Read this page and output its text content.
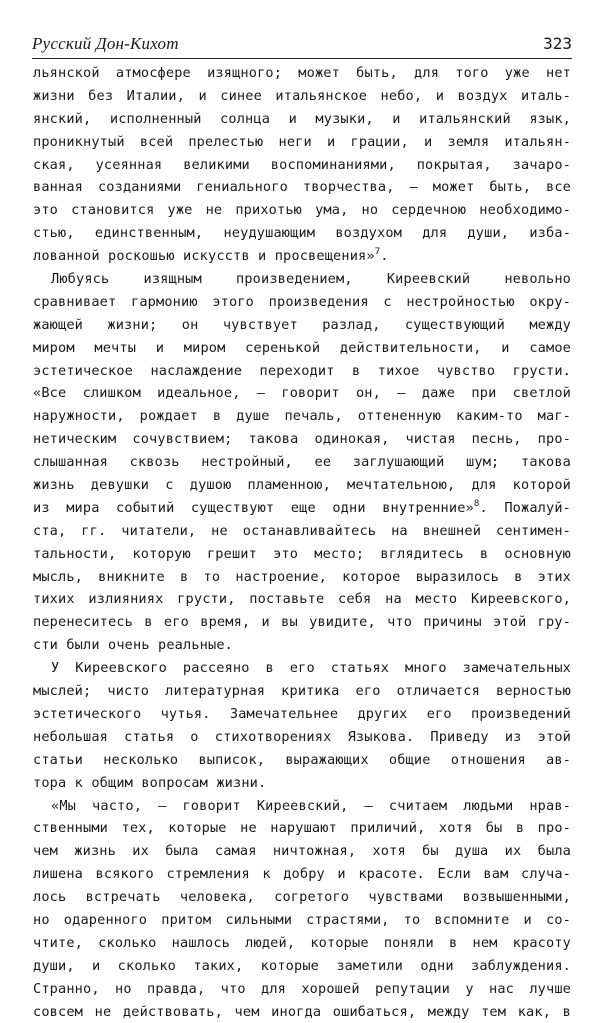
Русский Дон-Кихот	323
льянской атмосфере изящного; может быть, для того уже нет
жизни без Италии, и синее итальянское небо, и воздух италь-
янский, исполненный солнца и музыки, и итальянский язык,
проникнутый всей прелестью неги и грации, и земля итальян-
ская, усеянная великими воспоминаниями, покрытая, зачаро-
ванная созданиями гениального творчества, — может быть, все
это становится уже не прихотью ума, но сердечною необходимо-
стью, единственным, неудушающим воздухом для души, изба-
лованной роскошью искусств и просвещения»$^7$.
Любуясь изящным произведением, Киреевский невольно
сравнивает гармонию этого произведения с нестройностью окру-
жающей жизни; он чувствует разлад, существующий между
миром мечты и миром серенькой действительности, и самое
эстетическое наслаждение переходит в тихое чувство грусти.
«Все слишком идеальное, — говорит он, — даже при светлой
наружности, рождает в душе печаль, оттененную каким-то маг-
нетическим сочувствием; такова одинокая, чистая песнь, про-
слышанная сквозь нестройный, ее заглушающий шум; такова
жизнь девушки с душою пламенною, мечтательною, для которой
из мира событий существуют еще одни внутренние»$^8$. Пожалуй-
ста, гг. читатели, не останавливайтесь на внешней сентимен-
тальности, которую грешит это место; вглядитесь в основную
мысль, вникните в то настроение, которое выразилось в этих
тихих излияниях грусти, поставьте себя на место Киреевского,
перенеситесь в его время, и вы увидите, что причины этой гру-
сти были очень реальные.
У Киреевского рассеяно в его статьях много замечательных
мыслей; чисто литературная критика его отличается верностью
эстетического чутья. Замечательнее других его произведений
небольшая статья о стихотворениях Языкова. Приведу из этой
статьи несколько выписок, выражающих общие отношения ав-
тора к общим вопросам жизни.
«Мы часто, — говорит Киреевский, — считаем людьми нрав-
ственными тех, которые не нарушают приличий, хотя бы в про-
чем жизнь их была самая ничтожная, хотя бы душа их была
лишена всякого стремления к добру и красоте. Если вам случа-
лось встречать человека, согретого чувствами возвышенными,
но одаренного притом сильными страстями, то вспомните и со-
чтите, сколько нашлось людей, которые поняли в нем красоту
души, и сколько таких, которые заметили одни заблуждения.
Странно, но правда, что для хорошей репутации у нас лучше
совсем не действовать, чем иногда ошибаться, между тем как, в
